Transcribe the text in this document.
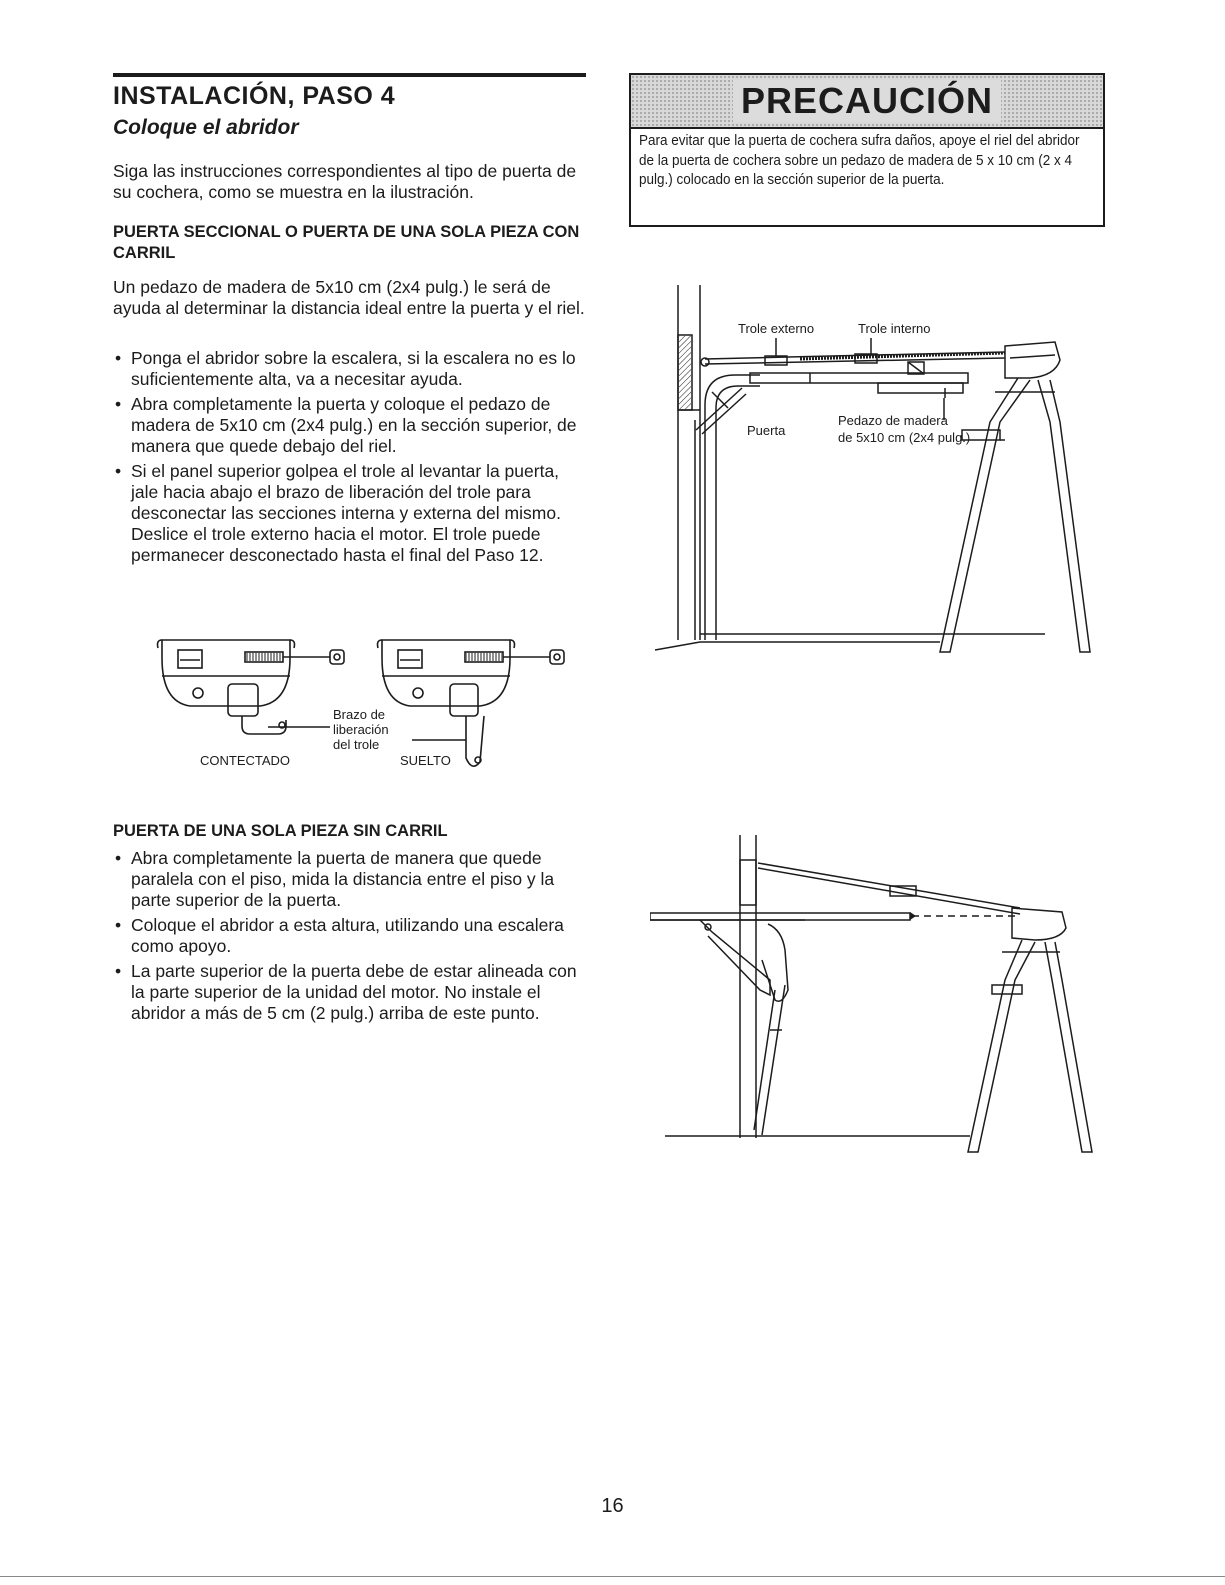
INSTALACIÓN, PASO 4
Coloque el abridor

Siga las instrucciones correspondientes al tipo de puerta de su cochera, como se muestra en la ilustración.

PUERTA SECCIONAL O PUERTA DE UNA SOLA PIEZA CON CARRIL

Un pedazo de madera de 5x10 cm (2x4 pulg.) le será de ayuda al determinar la distancia ideal entre la puerta y el riel.

• Ponga el abridor sobre la escalera, si la escalera no es lo suficientemente alta, va a necesitar ayuda.
• Abra completamente la puerta y coloque el pedazo de madera de 5x10 cm (2x4 pulg.) en la sección superior, de manera que quede debajo del riel.
• Si el panel superior golpea el trole al levantar la puerta, jale hacia abajo el brazo de liberación del trole para desconectar las secciones interna y externa del mismo. Deslice el trole externo hacia el motor. El trole puede permanecer desconectado hasta el final del Paso 12.
Brazo de
liberación
del trole
CONTECTADO	SUELTO
PUERTA DE UNA SOLA PIEZA SIN CARRIL
• Abra completamente la puerta de manera que quede paralela con el piso, mida la distancia entre el piso y la parte superior de la puerta.
• Coloque el abridor a esta altura, utilizando una escalera como apoyo.
• La parte superior de la puerta debe de estar alineada con la parte superior de la unidad del motor. No instale el abridor a más de 5 cm (2 pulg.) arriba de este punto.
PRECAUCIÓN

Para evitar que la puerta de cochera sufra daños, apoye el riel del abridor de la puerta de cochera sobre un pedazo de madera de 5 x 10 cm (2 x 4 pulg.) colocado en la sección superior de la puerta.

Trole externo	Trole interno
Puerta
Pedazo de madera
de 5x10 cm (2x4 pulg.)

16
